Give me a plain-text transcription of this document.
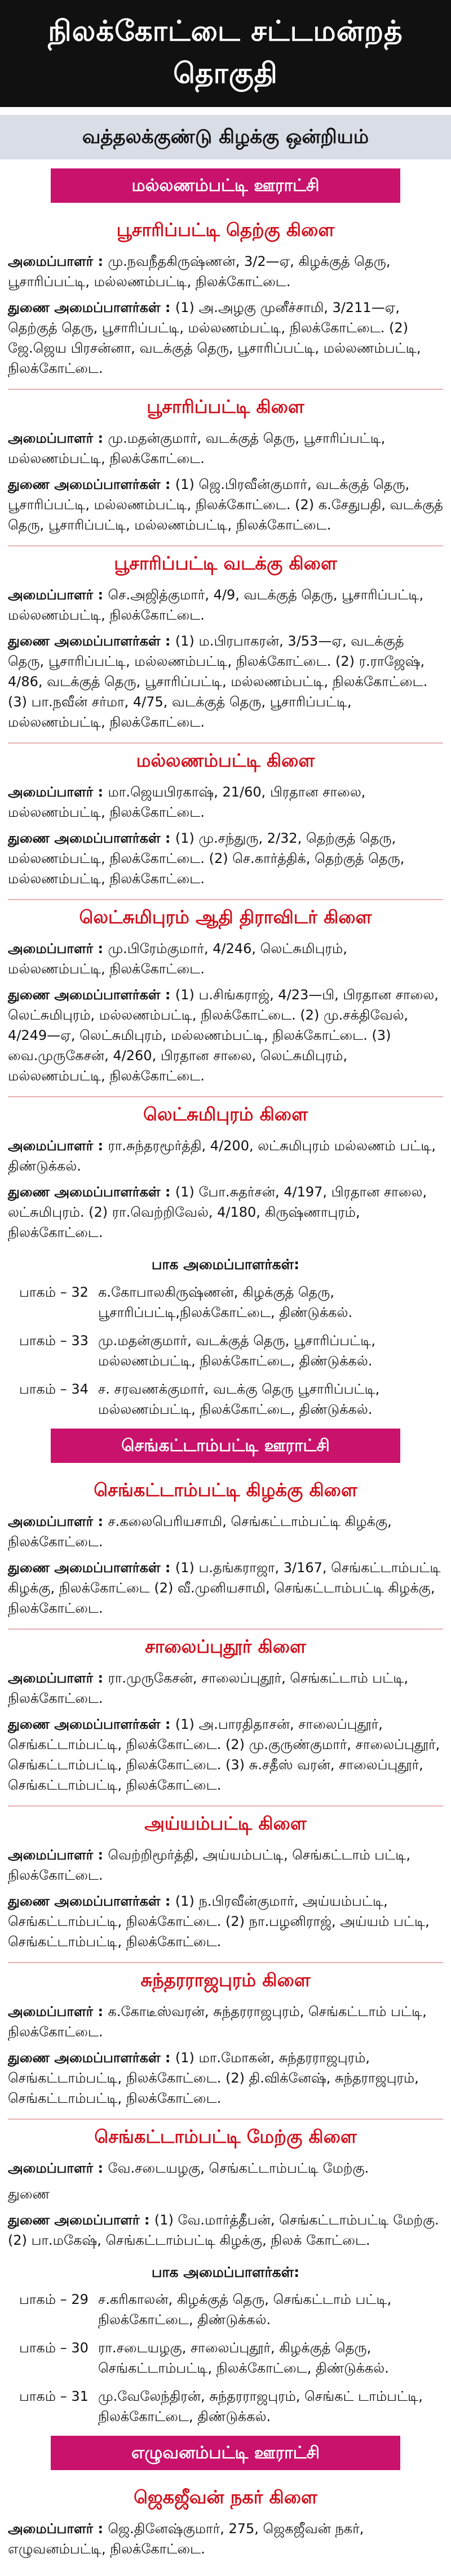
நிலக்கோட்டை சட்டமன்றத் தொகுதி
வத்தலக்குண்டு கிழக்கு ஒன்றியம்
மல்லணம்பட்டி ஊராட்சி
பூசாரிப்பட்டி தெற்கு கிளை

அமைப்பாளர் : மு.நவநீதகிருஷ்ணன், 3/2—ஏ, கிழக்குத் தெரு, பூசாரிப்பட்டி, மல்லணம்பட்டி, நிலக்கோட்டை.

துணை அமைப்பாளர்கள் : (1) அ.அழகு முனீச்சாமி, 3/211—ஏ, தெற்குத் தெரு, பூசாரிப்பட்டி, மல்லணம்பட்டி, நிலக்கோட்டை. (2) ஜே.ஜெய பிரசன்னா, வடக்குத் தெரு, பூசாரிப்பட்டி, மல்லணம்பட்டி, நிலக்கோட்டை.

பூசாரிப்பட்டி கிளை

அமைப்பாளர் : மு.மதன்குமார், வடக்குத் தெரு, பூசாரிப்பட்டி, மல்லணம்பட்டி, நிலக்கோட்டை.

துணை அமைப்பாளர்கள் : (1) ஜெ.பிரவீன்குமார், வடக்குத் தெரு, பூசாரிப்பட்டி, மல்லணம்பட்டி, நிலக்கோட்டை. (2) க.சேதுபதி, வடக்குத் தெரு, பூசாரிப்பட்டி, மல்லணம்பட்டி, நிலக்கோட்டை.

பூசாரிப்பட்டி வடக்கு கிளை

அமைப்பாளர் : செ.அஜித்குமார், 4/9, வடக்குத் தெரு, பூசாரிப்பட்டி, மல்லணம்பட்டி, நிலக்கோட்டை.

துணை அமைப்பாளர்கள் : (1) ம.பிரபாகரன், 3/53—ஏ, வடக்குத் தெரு, பூசாரிப்பட்டி, மல்லணம்பட்டி, நிலக்கோட்டை. (2) ர.ராஜேஷ், 4/86, வடக்குத் தெரு, பூசாரிப்பட்டி, மல்லணம்பட்டி, நிலக்கோட்டை. (3) பா.நவீன் சர்மா, 4/75, வடக்குத் தெரு, பூசாரிப்பட்டி, மல்லணம்பட்டி, நிலக்கோட்டை.

மல்லணம்பட்டி கிளை

அமைப்பாளர் : மா.ஜெயபிரகாஷ், 21/60, பிரதான சாலை, மல்லணம்பட்டி, நிலக்கோட்டை.

துணை அமைப்பாளர்கள் : (1) மு.சந்துரு, 2/32, தெற்குத் தெரு, மல்லணம்பட்டி, நிலக்கோட்டை. (2) செ.கார்த்திக், தெற்குத் தெரு, மல்லணம்பட்டி, நிலக்கோட்டை.

லெட்சுமிபுரம் ஆதி திராவிடர் கிளை

அமைப்பாளர் : மு.பிரேம்குமார், 4/246, லெட்சுமிபுரம், மல்லணம்பட்டி, நிலக்கோட்டை.

துணை அமைப்பாளர்கள் : (1) ப.சிங்கராஜ், 4/23—பி, பிரதான சாலை, லெட்சுமிபுரம், மல்லணம்பட்டி, நிலக்கோட்டை. (2) மு.சக்திவேல், 4/249—ஏ, லெட்சுமிபுரம், மல்லணம்பட்டி, நிலக்கோட்டை. (3) வை.முருகேசன், 4/260, பிரதான சாலை, லெட்சுமிபுரம், மல்லணம்பட்டி, நிலக்கோட்டை.

லெட்சுமிபுரம் கிளை

அமைப்பாளர் : ரா.சுந்தரமூர்த்தி, 4/200, லட்சுமிபுரம் மல்லணம் பட்டி, திண்டுக்கல்.

துணை அமைப்பாளர்கள் : (1) போ.சுதர்சன், 4/197, பிரதான சாலை, லட்சுமிபுரம். (2) ரா.வெற்றிவேல், 4/180, கிருஷ்ணாபுரம், நிலக்கோட்டை.

பாக அமைப்பாளர்கள்:
பாகம் – 32 க.கோபாலகிருஷ்ணன், கிழக்குத் தெரு, பூசாரிப்பட்டி,நிலக்கோட்டை, திண்டுக்கல்.
பாகம் – 33 மு.மதன்குமார், வடக்குத் தெரு, பூசாரிப்பட்டி, மல்லணம்பட்டி, நிலக்கோட்டை, திண்டுக்கல்.
பாகம் – 34 ச. சரவணக்குமார், வடக்கு தெரு பூசாரிப்பட்டி, மல்லணம்பட்டி, நிலக்கோட்டை, திண்டுக்கல்.
செங்கட்டாம்பட்டி ஊராட்சி
செங்கட்டாம்பட்டி கிழக்கு கிளை

அமைப்பாளர் : ச.கலைபெரியசாமி, செங்கட்டாம்பட்டி கிழக்கு, நிலக்கோட்டை.

துணை அமைப்பாளர்கள் : (1) ப.தங்கராஜா, 3/167, செங்கட்டாம்பட்டி கிழக்கு, நிலக்கோட்டை (2) வீ.முனியசாமி, செங்கட்டாம்பட்டி கிழக்கு, நிலக்கோட்டை.

சாலைப்புதூர் கிளை

அமைப்பாளர் : ரா.முருகேசன், சாலைப்புதூர், செங்கட்டாம் பட்டி, நிலக்கோட்டை.

துணை அமைப்பாளர்கள் : (1) அ.பாரதிதாசன், சாலைப்புதூர், செங்கட்டாம்பட்டி, நிலக்கோட்டை. (2) மு.குருண்குமார், சாலைப்புதூர், செங்கட்டாம்பட்டி, நிலக்கோட்டை. (3) சு.சதீஸ் வரன், சாலைப்புதூர், செங்கட்டாம்பட்டி, நிலக்கோட்டை.

அய்யம்பட்டி கிளை

அமைப்பாளர் : வெற்றிமூர்த்தி, அய்யம்பட்டி, செங்கட்டாம் பட்டி, நிலக்கோட்டை.

துணை அமைப்பாளர்கள் : (1) ந.பிரவீன்குமார், அய்யம்பட்டி, செங்கட்டாம்பட்டி, நிலக்கோட்டை. (2) நா.பழனிராஜ், அய்யம் பட்டி, செங்கட்டாம்பட்டி, நிலக்கோட்டை.

சுந்தரராஜபுரம் கிளை

அமைப்பாளர் : க.கோடீஸ்வரன், சுந்தரராஜபுரம், செங்கட்டாம் பட்டி, நிலக்கோட்டை.

துணை அமைப்பாளர்கள் : (1) மா.மோகன், சுந்தரராஜபுரம், செங்கட்டாம்பட்டி, நிலக்கோட்டை. (2) தி.விக்னேஷ், சுந்தராஜபுரம், செங்கட்டாம்பட்டி, நிலக்கோட்டை.

செங்கட்டாம்பட்டி மேற்கு கிளை

அமைப்பாளர் : வே.சடையழகு, செங்கட்டாம்பட்டி மேற்கு.

துணை

துணை அமைப்பாளர் : (1) வே.மார்த்தீபன், செங்கட்டாம்பட்டி மேற்கு. (2) பா.மகேஷ், செங்கட்டாம்பட்டி கிழக்கு, நிலக் கோட்டை.

பாக அமைப்பாளர்கள்:
பாகம் – 29 ச.கரிகாலன், கிழக்குத் தெரு, செங்கட்டாம் பட்டி, நிலக்கோட்டை, திண்டுக்கல்.
பாகம் – 30 ரா.சடையழகு, சாலைப்புதூர், கிழக்குத் தெரு, செங்கட்டாம்பட்டி, நிலக்கோட்டை, திண்டுக்கல்.
பாகம் – 31 மு.வேலேந்திரன், சுந்தரராஜபுரம், செங்கட் டாம்பட்டி, நிலக்கோட்டை, திண்டுக்கல்.
எழுவனம்பட்டி ஊராட்சி
ஜெகஜீவன் நகர் கிளை

அமைப்பாளர் : ஜெ.தினேஷ்குமார், 275, ஜெகஜீவன் நகர், எழுவனம்பட்டி, நிலக்கோட்டை.
